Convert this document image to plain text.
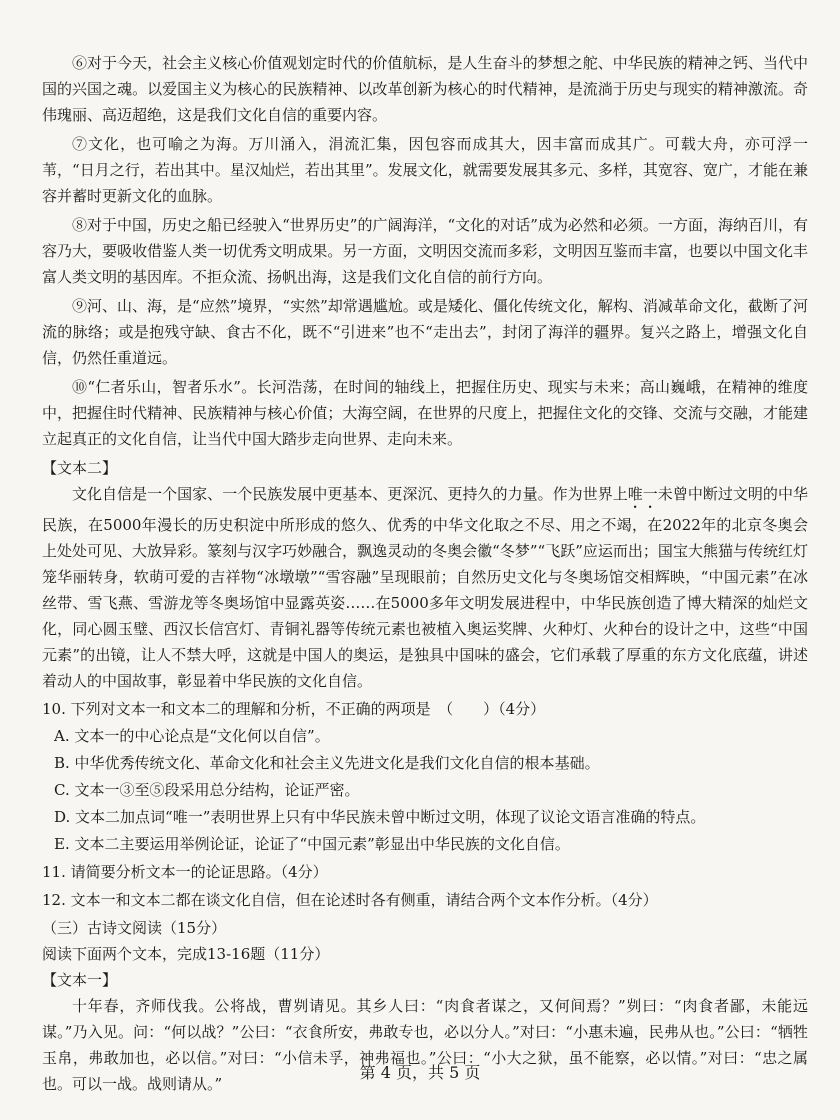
⑥对于今天，社会主义核心价值观划定时代的价值航标，是人生奋斗的梦想之舵、中华民族的精神之钙、当代中国的兴国之魂。以爱国主义为核心的民族精神、以改革创新为核心的时代精神，是流淌于历史与现实的精神激流。奇伟瑰丽、高迈超绝，这是我们文化自信的重要内容。

⑦文化，也可喻之为海。万川涌入，涓流汇集，因包容而成其大，因丰富而成其广。可载大舟，亦可浮一苇，“日月之行，若出其中。星汉灿烂，若出其里”。发展文化，就需要发展其多元、多样，其宽容、宽广，才能在兼容并蓄时更新文化的血脉。

⑧对于中国，历史之船已经驶入“世界历史”的广阔海洋，“文化的对话”成为必然和必须。一方面，海纳百川，有容乃大，要吸收借鉴人类一切优秀文明成果。另一方面，文明因交流而多彩，文明因互鉴而丰富，也要以中国文化丰富人类文明的基因库。不拒众流、扬帆出海，这是我们文化自信的前行方向。

⑨河、山、海，是“应然”境界，“实然”却常遇尴尬。或是矮化、僵化传统文化，解构、消减革命文化，截断了河流的脉络；或是抱残守缺、食古不化，既不“引进来”也不“走出去”，封闭了海洋的疆界。复兴之路上，增强文化自信，仍然任重道远。

⑩“仁者乐山，智者乐水”。长河浩荡，在时间的轴线上，把握住历史、现实与未来；高山巍峨，在精神的维度中，把握住时代精神、民族精神与核心价值；大海空阔，在世界的尺度上，把握住文化的交锋、交流与交融，才能建立起真正的文化自信，让当代中国大踏步走向世界、走向未来。

【文本二】

文化自信是一个国家、一个民族发展中更基本、更深沉、更持久的力量。作为世界上唯一未曾中断过文明的中华民族，在5000年漫长的历史积淀中所形成的悠久、优秀的中华文化取之不尽、用之不竭，在2022年的北京冬奥会上处处可见、大放异彩。篆刻与汉字巧妙融合，飘逸灵动的冬奥会徽“冬梦”“飞跃”应运而出；国宝大熊猫与传统红灯笼华丽转身，软萌可爱的吉祥物“冰墩墩”“雪容融”呈现眼前；自然历史文化与冬奥场馆交相辉映，“中国元素”在冰丝带、雪飞燕、雪游龙等冬奥场馆中显露英姿……在5000多年文明发展进程中，中华民族创造了博大精深的灿烂文化，同心圆玉璧、西汉长信宫灯、青铜礼器等传统元素也被植入奥运奖牌、火种灯、火种台的设计之中，这些“中国元素”的出镜，让人不禁大呼，这就是中国人的奥运，是独具中国味的盛会，它们承载了厚重的东方文化底蕴，讲述着动人的中国故事，彰显着中华民族的文化自信。

10. 下列对文本一和文本二的理解和分析，不正确的两项是　（　　）（4分）

A. 文本一的中心论点是“文化何以自信”。

B. 中华优秀传统文化、革命文化和社会主义先进文化是我们文化自信的根本基础。

C. 文本一③至⑤段采用总分结构，论证严密。

D. 文本二加点词“唯一”表明世界上只有中华民族未曾中断过文明，体现了议论文语言准确的特点。

E. 文本二主要运用举例论证，论证了“中国元素”彰显出中华民族的文化自信。

11. 请简要分析文本一的论证思路。（4分）

12. 文本一和文本二都在谈文化自信，但在论述时各有侧重，请结合两个文本作分析。（4分）

（三）古诗文阅读（15分）

阅读下面两个文本，完成13-16题（11分）

【文本一】

十年春，齐师伐我。公将战，曹刿请见。其乡人曰：“肉食者谋之，又何间焉？”刿曰：“肉食者鄙，未能远谋。”乃入见。问：“何以战？”公曰：“衣食所安，弗敢专也，必以分人。”对曰：“小惠未遍，民弗从也。”公曰：“牺牲玉帛，弗敢加也，必以信。”对曰：“小信未孚，神弗福也。”公曰：“小大之狱，虽不能察，必以情。”对曰：“忠之属也。可以一战。战则请从。”

第 4 页，共 5 页
